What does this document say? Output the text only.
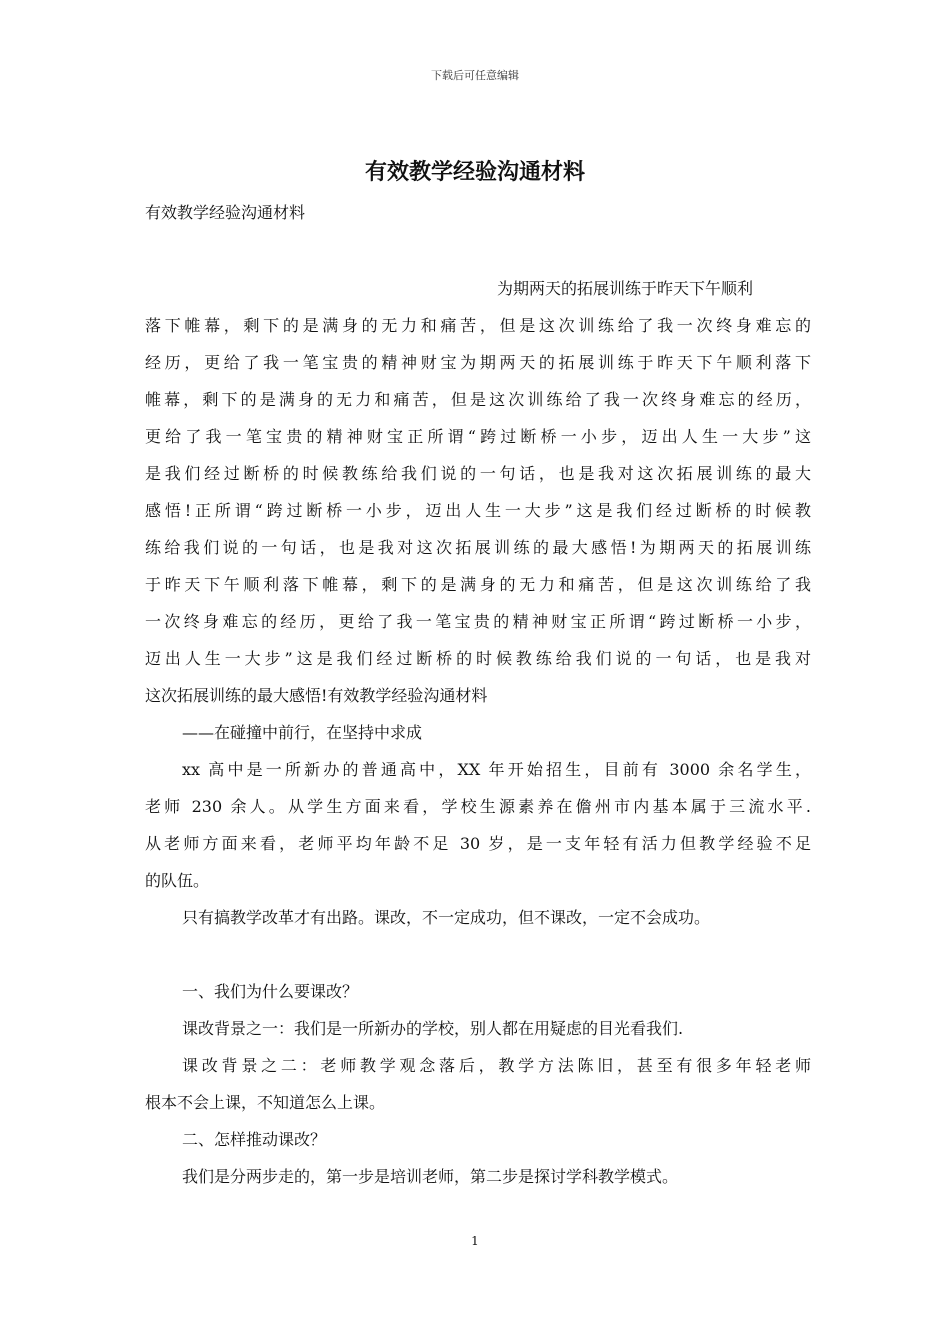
下载后可任意编辑
有效教学经验沟通材料
有效教学经验沟通材料
为期两天的拓展训练于昨天下午顺利
落下帷幕，剩下的是满身的无力和痛苦，但是这次训练给了我一次终身难忘的
经历，更给了我一笔宝贵的精神财宝为期两天的拓展训练于昨天下午顺利落下
帷幕，剩下的是满身的无力和痛苦，但是这次训练给了我一次终身难忘的经历，
更给了我一笔宝贵的精神财宝正所谓“跨过断桥一小步，迈出人生一大步”这
是我们经过断桥的时候教练给我们说的一句话，也是我对这次拓展训练的最大
感悟!正所谓“跨过断桥一小步，迈出人生一大步”这是我们经过断桥的时候教
练给我们说的一句话，也是我对这次拓展训练的最大感悟!为期两天的拓展训练
于昨天下午顺利落下帷幕，剩下的是满身的无力和痛苦，但是这次训练给了我
一次终身难忘的经历，更给了我一笔宝贵的精神财宝正所谓“跨过断桥一小步，
迈出人生一大步”这是我们经过断桥的时候教练给我们说的一句话，也是我对
这次拓展训练的最大感悟!有效教学经验沟通材料
——在碰撞中前行，在坚持中求成
xx 高中是一所新办的普通高中，XX 年开始招生，目前有 3000 余名学生，
老师 230 余人。从学生方面来看，学校生源素养在儋州市内基本属于三流水平.
从老师方面来看，老师平均年龄不足 30 岁，是一支年轻有活力但教学经验不足
的队伍。
只有搞教学改革才有出路。课改，不一定成功，但不课改，一定不会成功。
一、我们为什么要课改？
课改背景之一：我们是一所新办的学校，别人都在用疑虑的目光看我们.
课改背景之二：老师教学观念落后，教学方法陈旧，甚至有很多年轻老师
根本不会上课，不知道怎么上课。
二、怎样推动课改？
我们是分两步走的，第一步是培训老师，第二步是探讨学科教学模式。
1
